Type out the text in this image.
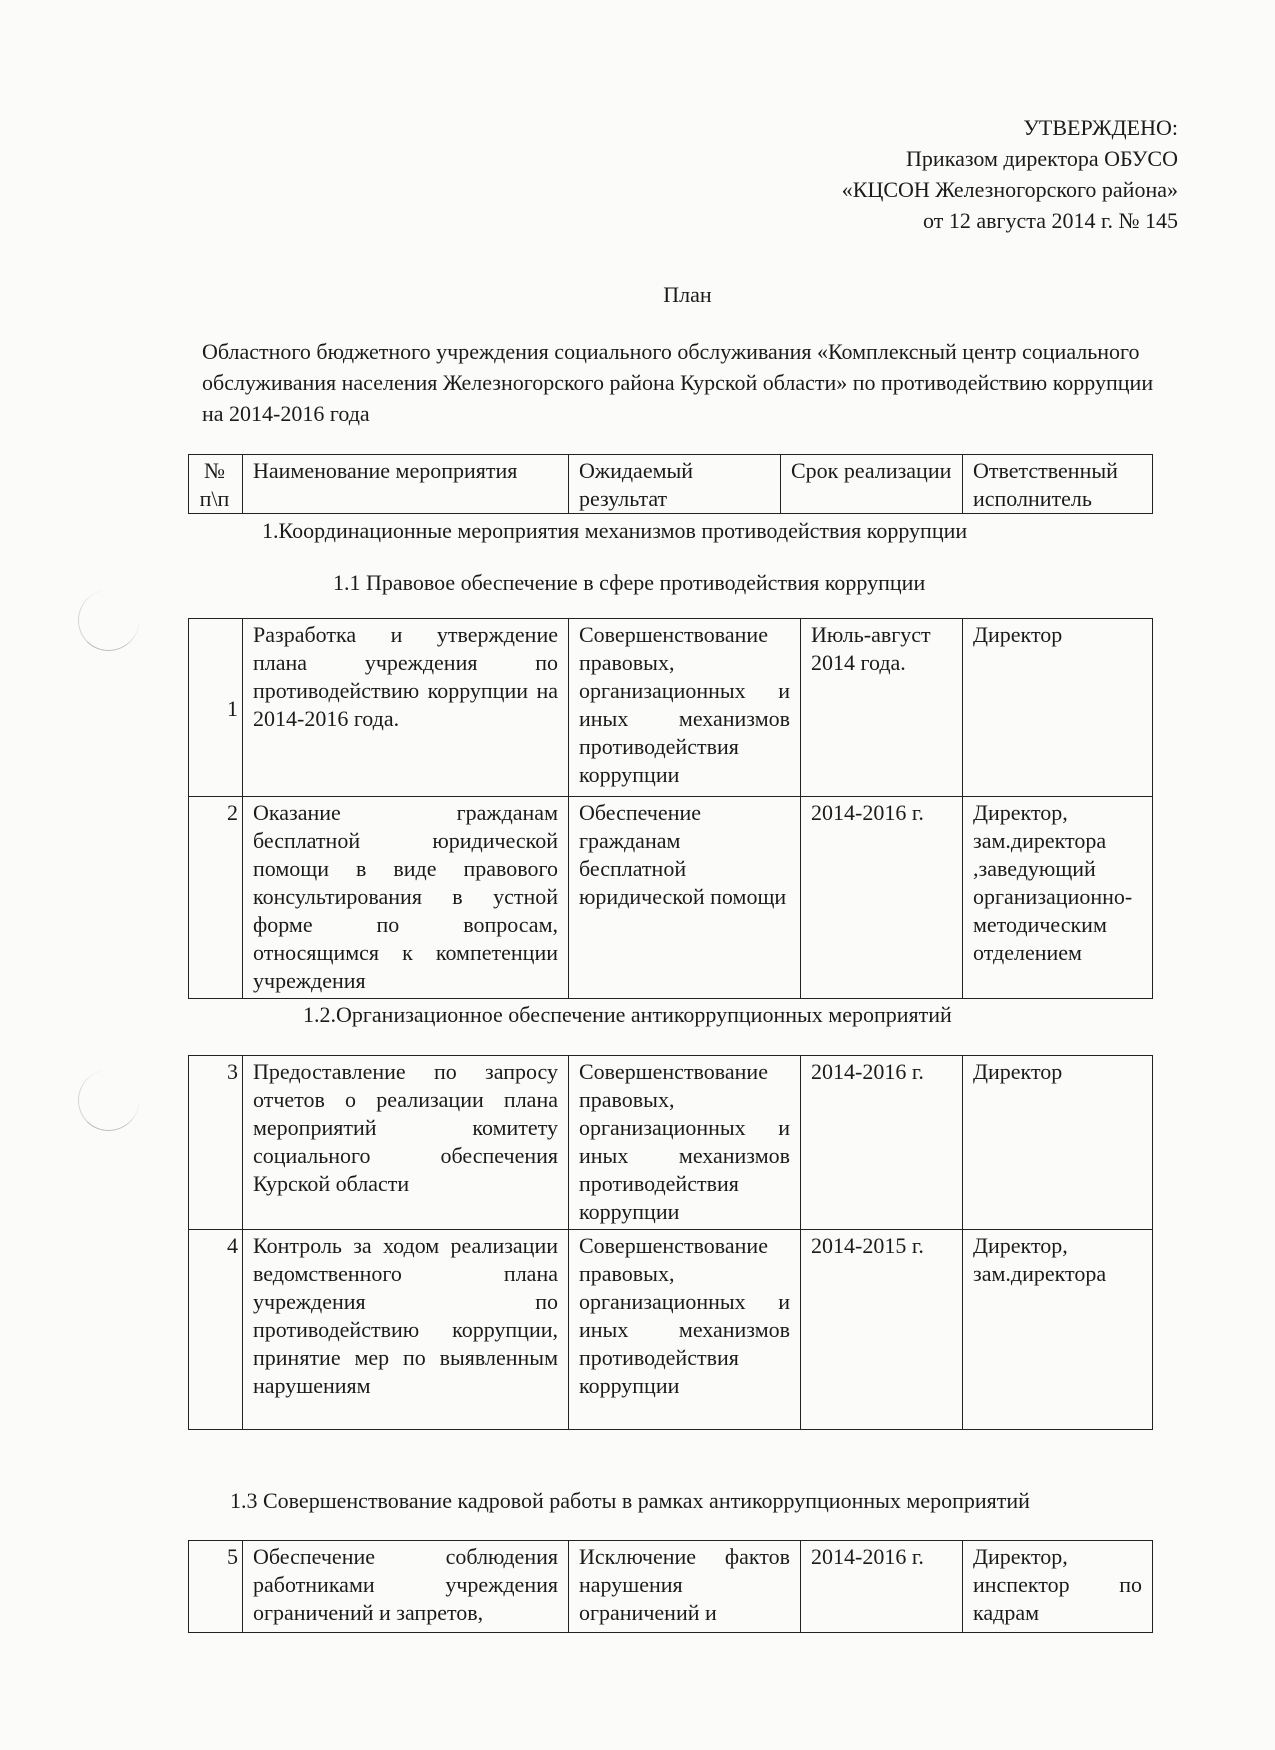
УТВЕРЖДЕНО:
Приказом директора ОБУСО
«КЦСОН Железногорского района»
от 12 августа 2014 г. № 145
План

Областного бюджетного учреждения социального обслуживания «Комплексный центр социального обслуживания населения Железногорского района Курской области» по противодействию коррупции на 2014-2016 года

№ п\п	Наименование мероприятия	Ожидаемый результат	Срок реализации	Ответственный исполнитель

1.Координационные мероприятия механизмов противодействия коррупции

1.1 Правовое обеспечение в сфере противодействия коррупции

1	Разработка и утверждение плана учреждения по противодействию коррупции на 2014-2016 года.	Совершенствование правовых, организационных и иных механизмов противодействия коррупции	Июль-август 2014 года.	Директор
2	Оказание гражданам бесплатной юридической помощи в виде правового консультирования в устной форме по вопросам, относящимся к компетенции учреждения	Обеспечение гражданам бесплатной юридической помощи	2014-2016 г.	Директор, зам.директора ,заведующий организационно-методическим отделением

1.2.Организационное обеспечение антикоррупционных мероприятий

3	Предоставление по запросу отчетов о реализации плана мероприятий комитету социального обеспечения Курской области	Совершенствование правовых, организационных и иных механизмов противодействия коррупции	2014-2016 г.	Директор
4	Контроль за ходом реализации ведомственного плана учреждения по противодействию коррупции, принятие мер по выявленным нарушениям	Совершенствование правовых, организационных и иных механизмов противодействия коррупции	2014-2015 г.	Директор, зам.директора

1.3 Совершенствование кадровой работы в рамках антикоррупционных мероприятий

5	Обеспечение соблюдения работниками учреждения ограничений и запретов,	Исключение фактов нарушения ограничений и	2014-2016 г.	Директор, инспектор по кадрам
